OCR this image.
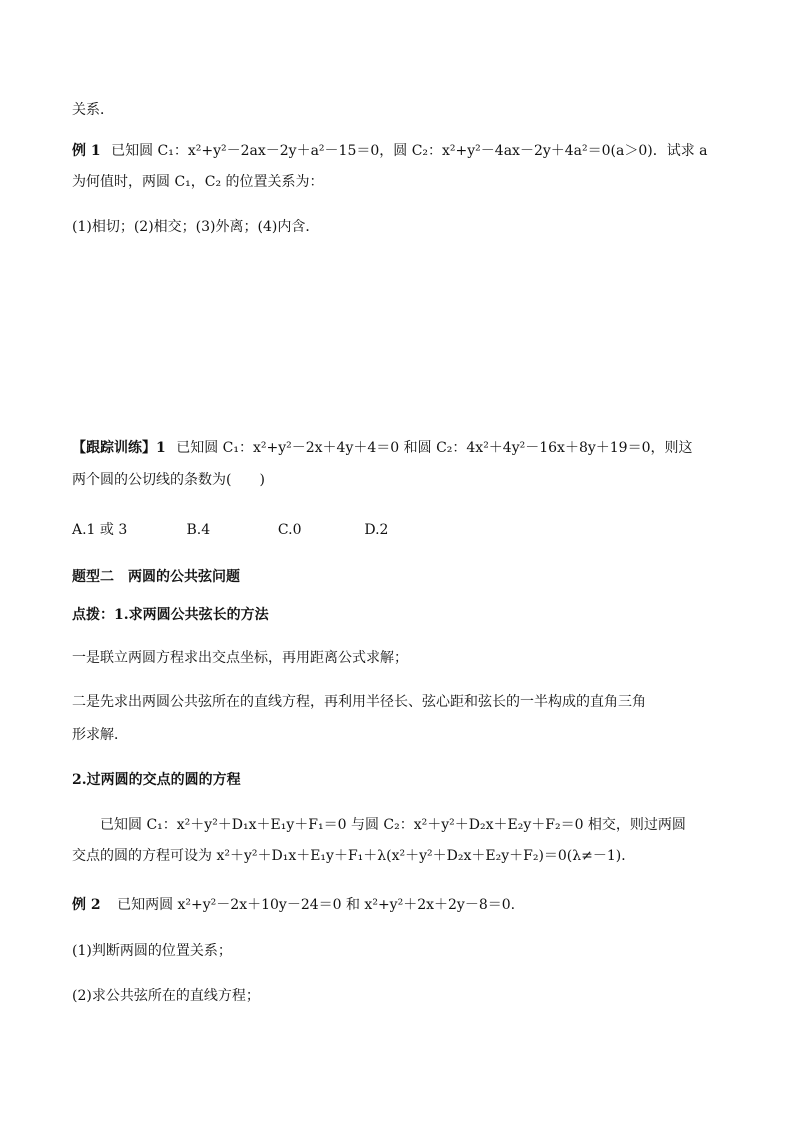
关系．
例 1 已知圆 C₁：x²+y²－2ax－2y＋a²－15＝0，圆 C₂：x²+y²－4ax－2y＋4a²＝0(a＞0)．试求 a
为何值时，两圆 C₁，C₂ 的位置关系为：
(1)相切；(2)相交；(3)外离；(4)内含．
【跟踪训练】1 已知圆 C₁：x²+y²－2x＋4y＋4＝0 和圆 C₂：4x²＋4y²－16x＋8y＋19＝0，则这
两个圆的公切线的条数为(　　)
A.1 或 3	B.4	C.0	D.2
题型二　两圆的公共弦问题
点拨：1.求两圆公共弦长的方法
一是联立两圆方程求出交点坐标，再用距离公式求解；
二是先求出两圆公共弦所在的直线方程，再利用半径长、弦心距和弦长的一半构成的直角三角
形求解．
2.过两圆的交点的圆的方程
已知圆 C₁：x²＋y²＋D₁x＋E₁y＋F₁＝0 与圆 C₂：x²＋y²＋D₂x＋E₂y＋F₂＝0 相交，则过两圆
交点的圆的方程可设为 x²＋y²＋D₁x＋E₁y＋F₁＋λ(x²＋y²＋D₂x＋E₂y＋F₂)＝0(λ≠－1)．
例 2 已知两圆 x²+y²－2x＋10y－24＝0 和 x²+y²＋2x＋2y－8＝0.
(1)判断两圆的位置关系；
(2)求公共弦所在的直线方程；
